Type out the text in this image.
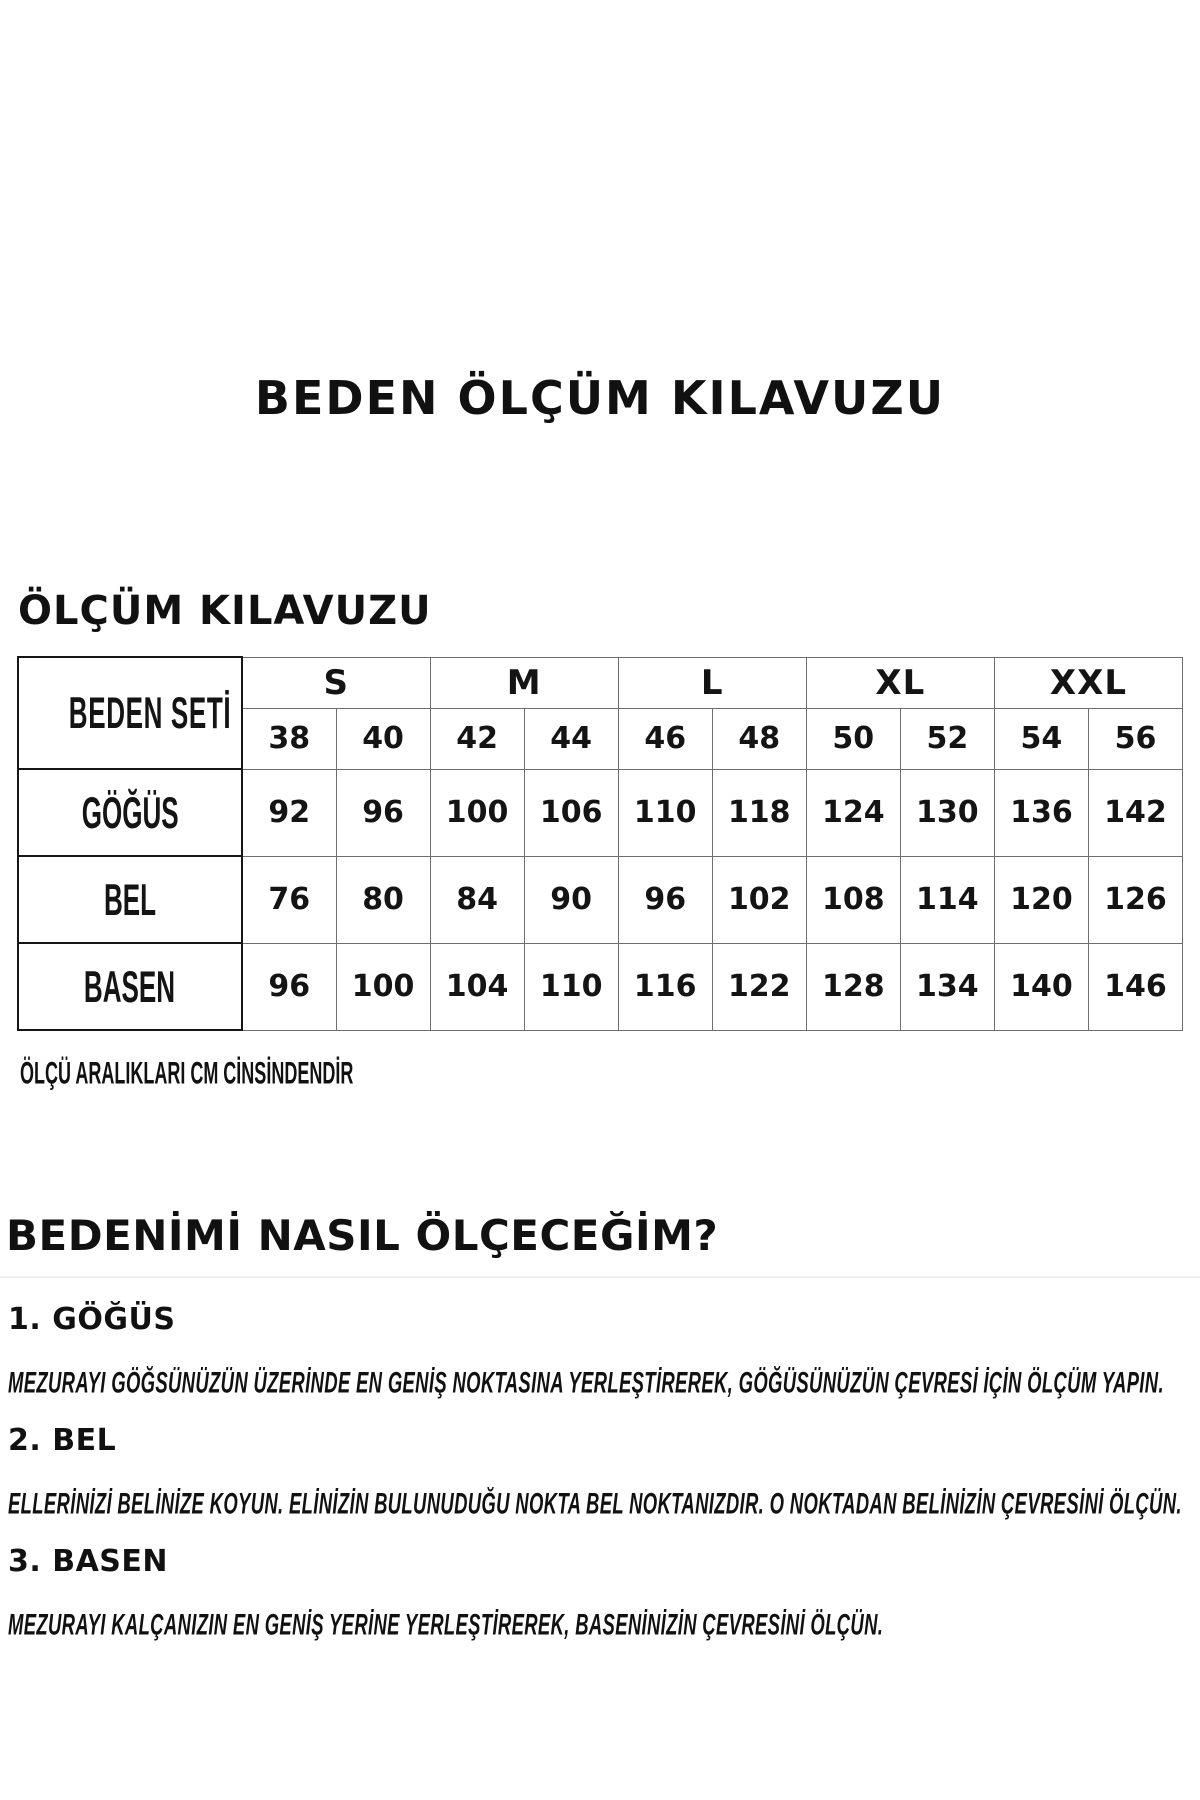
BEDEN ÖLÇÜM KILAVUZU
ÖLÇÜM KILAVUZU
BEDEN SETİ	S		M		L		XL		XXL	
	38	40	42	44	46	48	50	52	54	56
GÖĞÜS	92	96	100	106	110	118	124	130	136	142
BEL	76	80	84	90	96	102	108	114	120	126
BASEN	96	100	104	110	116	122	128	134	140	146
ÖLÇÜ ARALIKLARI CM CİNSİNDENDİR
BEDENİMİ NASIL ÖLÇECEĞİM?
1. GÖĞÜS
MEZURAYI GÖĞSÜNÜZÜN ÜZERİNDE EN GENİŞ NOKTASINA YERLEŞTİREREK, GÖĞÜSÜNÜZÜN ÇEVRESİ İÇİN ÖLÇÜM YAPIN.
2. BEL
ELLERİNİZİ BELİNİZE KOYUN. ELİNİZİN BULUNUDUĞU NOKTA BEL NOKTANIZDIR. O NOKTADAN BELİNİZİN ÇEVRESİNİ ÖLÇÜN.
3. BASEN
MEZURAYI KALÇANIZIN EN GENİŞ YERİNE YERLEŞTİREREK, BASENİNİZİN ÇEVRESİNİ ÖLÇÜN.
